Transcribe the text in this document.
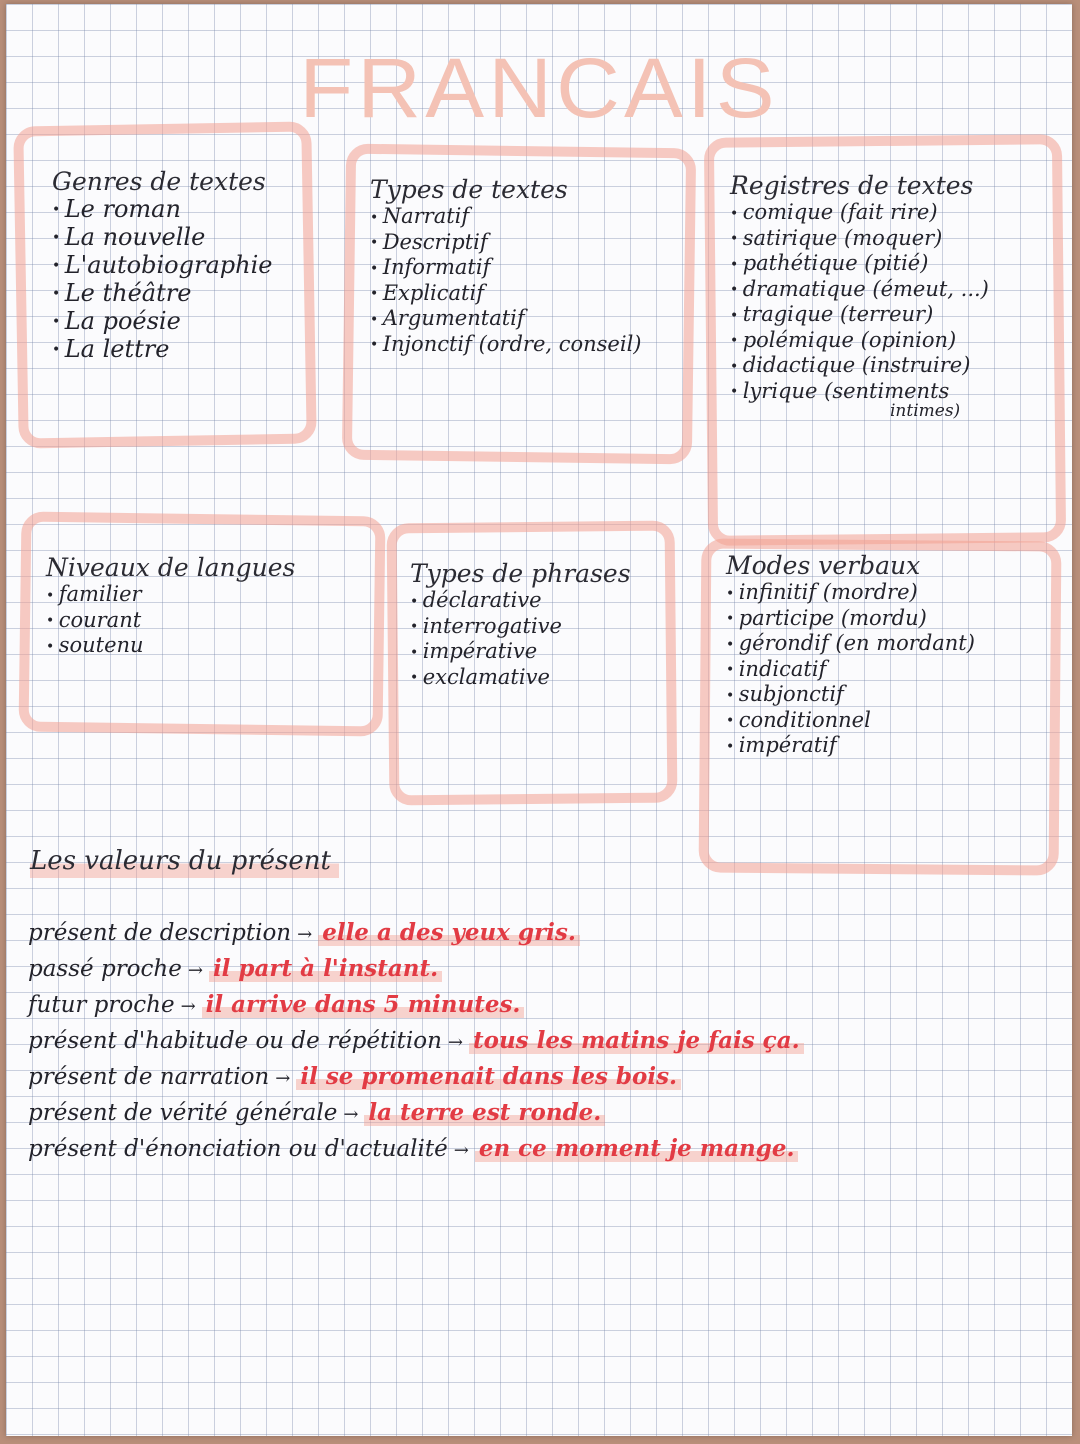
FRANCAIS
Genres de textes
• Le roman
• La nouvelle
• L'autobiographie
• Le théâtre
• La poésie
• La lettre
Types de textes
• Narratif
• Descriptif
• Informatif
• Explicatif
• Argumentatif
• Injonctif (ordre, conseil)
Registres de textes
• comique (fait rire)
• satirique (moquer)
• pathétique (pitié)
• dramatique (émeut, ...)
• tragique (terreur)
• polémique (opinion)
• didactique (instruire)
• lyrique (sentiments
intimes)
Niveaux de langues
• familier
• courant
• soutenu
Types de phrases
• déclarative
• interrogative
• impérative
• exclamative
Modes verbaux
• infinitif (mordre)
• participe (mordu)
• gérondif (en mordant)
• indicatif
• subjonctif
• conditionnel
• impératif
Les valeurs du présent
présent de description → elle a des yeux gris.
passé proche → il part à l'instant.
futur proche → il arrive dans 5 minutes.
présent d'habitude ou de répétition → tous les matins je fais ça.
présent de narration → il se promenait dans les bois.
présent de vérité générale → la terre est ronde.
présent d'énonciation ou d'actualité → en ce moment je mange.
